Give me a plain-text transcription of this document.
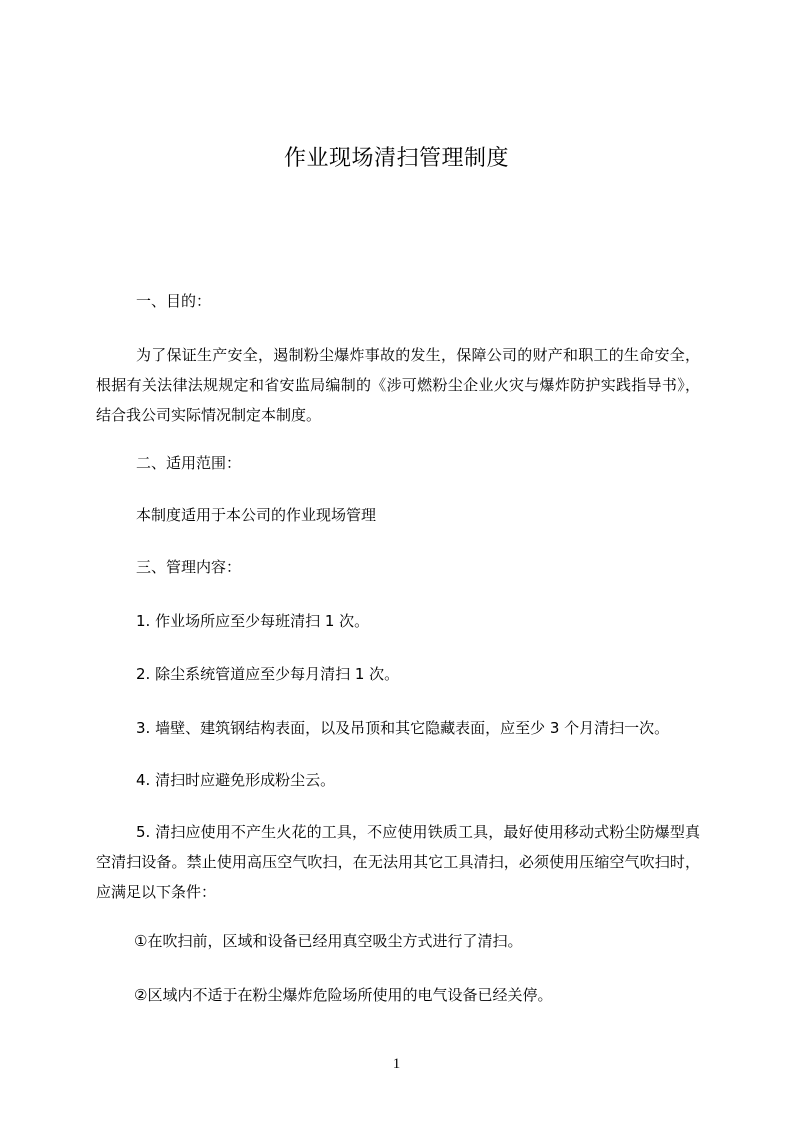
作业现场清扫管理制度
一、目的：
为了保证生产安全，遏制粉尘爆炸事故的发生，保障公司的财产和职工的生命安全，根据有关法律法规规定和省安监局编制的《涉可燃粉尘企业火灾与爆炸防护实践指导书》，结合我公司实际情况制定本制度。
二、适用范围：
本制度适用于本公司的作业现场管理
三、管理内容：
1. 作业场所应至少每班清扫 1 次。
2. 除尘系统管道应至少每月清扫 1 次。
3. 墙壁、建筑钢结构表面，以及吊顶和其它隐藏表面，应至少 3 个月清扫一次。
4. 清扫时应避免形成粉尘云。
5. 清扫应使用不产生火花的工具，不应使用铁质工具，最好使用移动式粉尘防爆型真空清扫设备。禁止使用高压空气吹扫，在无法用其它工具清扫，必须使用压缩空气吹扫时，应满足以下条件：
①在吹扫前，区域和设备已经用真空吸尘方式进行了清扫。
②区域内不适于在粉尘爆炸危险场所使用的电气设备已经关停。
1
